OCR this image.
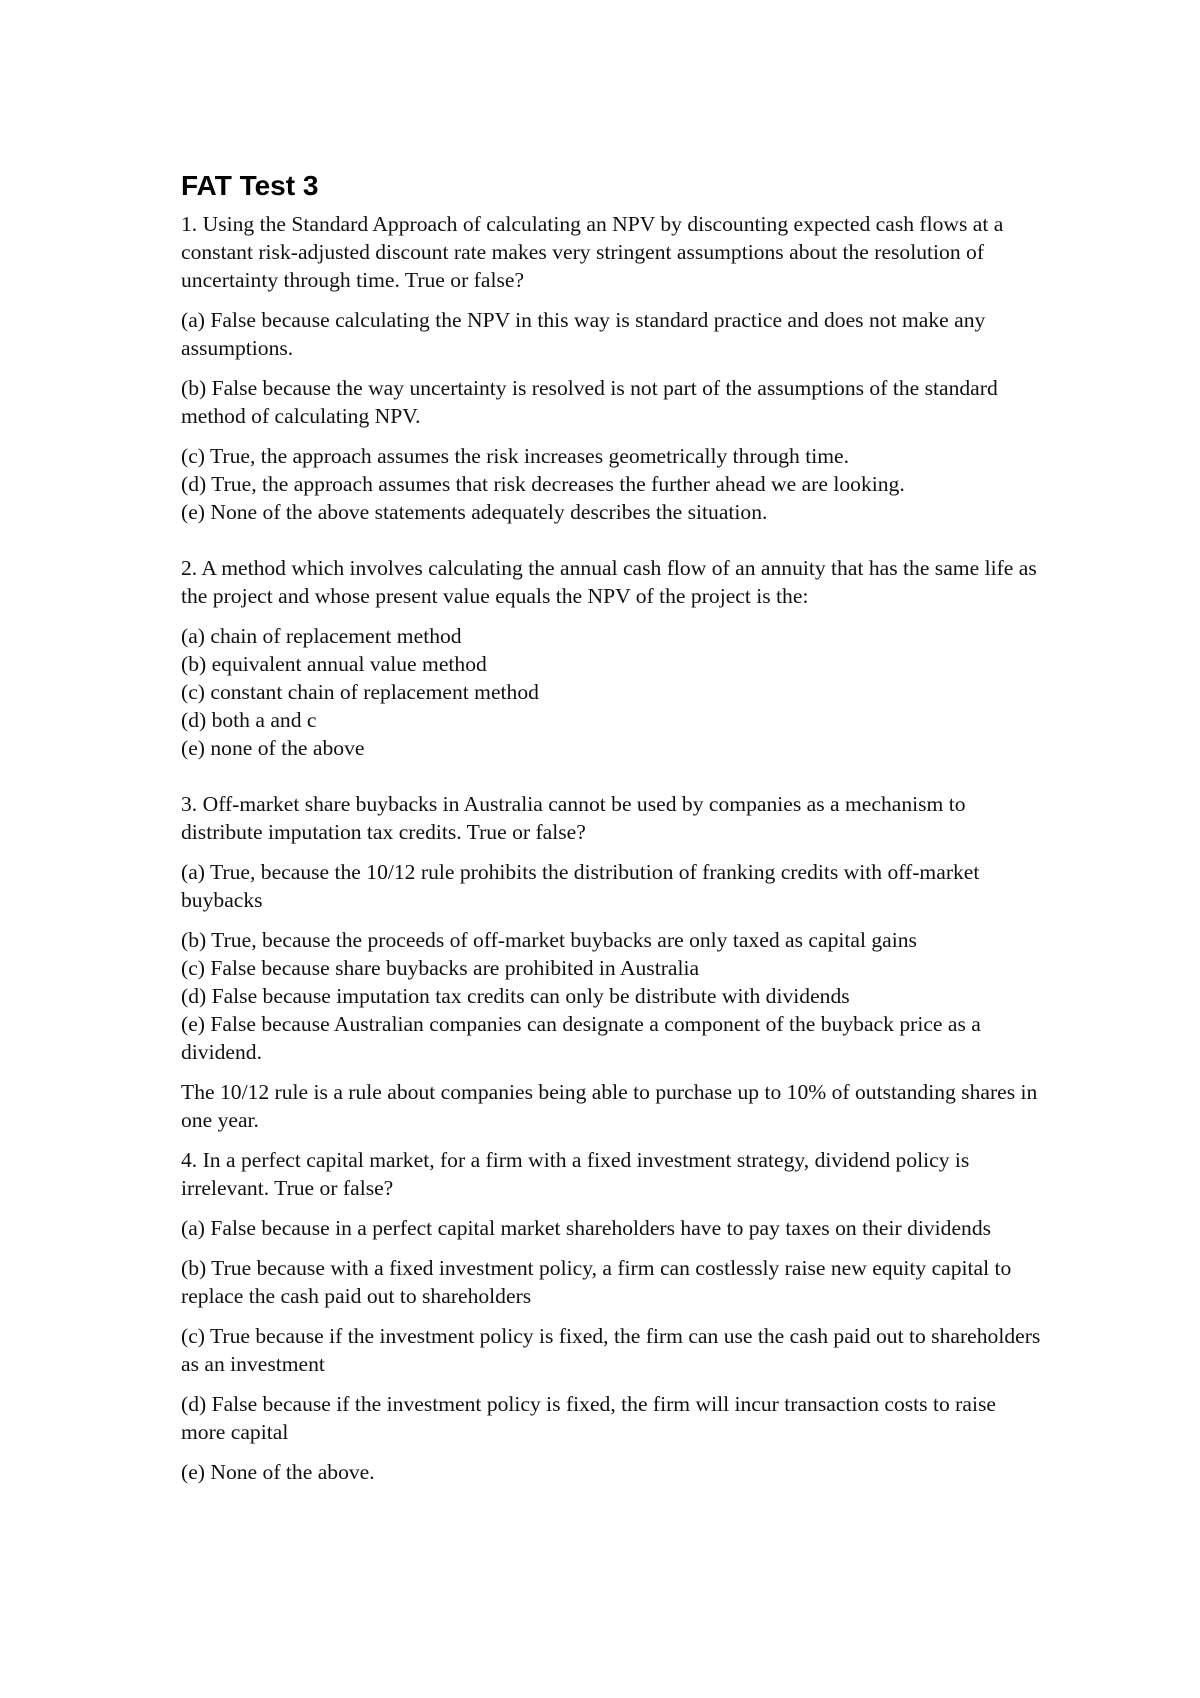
FAT Test 3

1. Using the Standard Approach of calculating an NPV by discounting expected cash flows at a constant risk-adjusted discount rate makes very stringent assumptions about the resolution of uncertainty through time. True or false?

(a) False because calculating the NPV in this way is standard practice and does not make any assumptions.

(b) False because the way uncertainty is resolved is not part of the assumptions of the standard method of calculating NPV.

(c) True, the approach assumes the risk increases geometrically through time.

(d) True, the approach assumes that risk decreases the further ahead we are looking.

(e) None of the above statements adequately describes the situation.

2. A method which involves calculating the annual cash flow of an annuity that has the same life as the project and whose present value equals the NPV of the project is the:

(a) chain of replacement method

(b) equivalent annual value method

(c) constant chain of replacement method

(d) both a and c

(e) none of the above

3. Off-market share buybacks in Australia cannot be used by companies as a mechanism to distribute imputation tax credits. True or false?

(a) True, because the 10/12 rule prohibits the distribution of franking credits with off-market buybacks

(b) True, because the proceeds of off-market buybacks are only taxed as capital gains

(c) False because share buybacks are prohibited in Australia

(d) False because imputation tax credits can only be distribute with dividends

(e) False because Australian companies can designate a component of the buyback price as a dividend.

The 10/12 rule is a rule about companies being able to purchase up to 10% of outstanding shares in one year.

4. In a perfect capital market, for a firm with a fixed investment strategy, dividend policy is irrelevant. True or false?

(a) False because in a perfect capital market shareholders have to pay taxes on their dividends

(b) True because with a fixed investment policy, a firm can costlessly raise new equity capital to replace the cash paid out to shareholders

(c) True because if the investment policy is fixed, the firm can use the cash paid out to shareholders as an investment

(d) False because if the investment policy is fixed, the firm will incur transaction costs to raise more capital

(e) None of the above.
